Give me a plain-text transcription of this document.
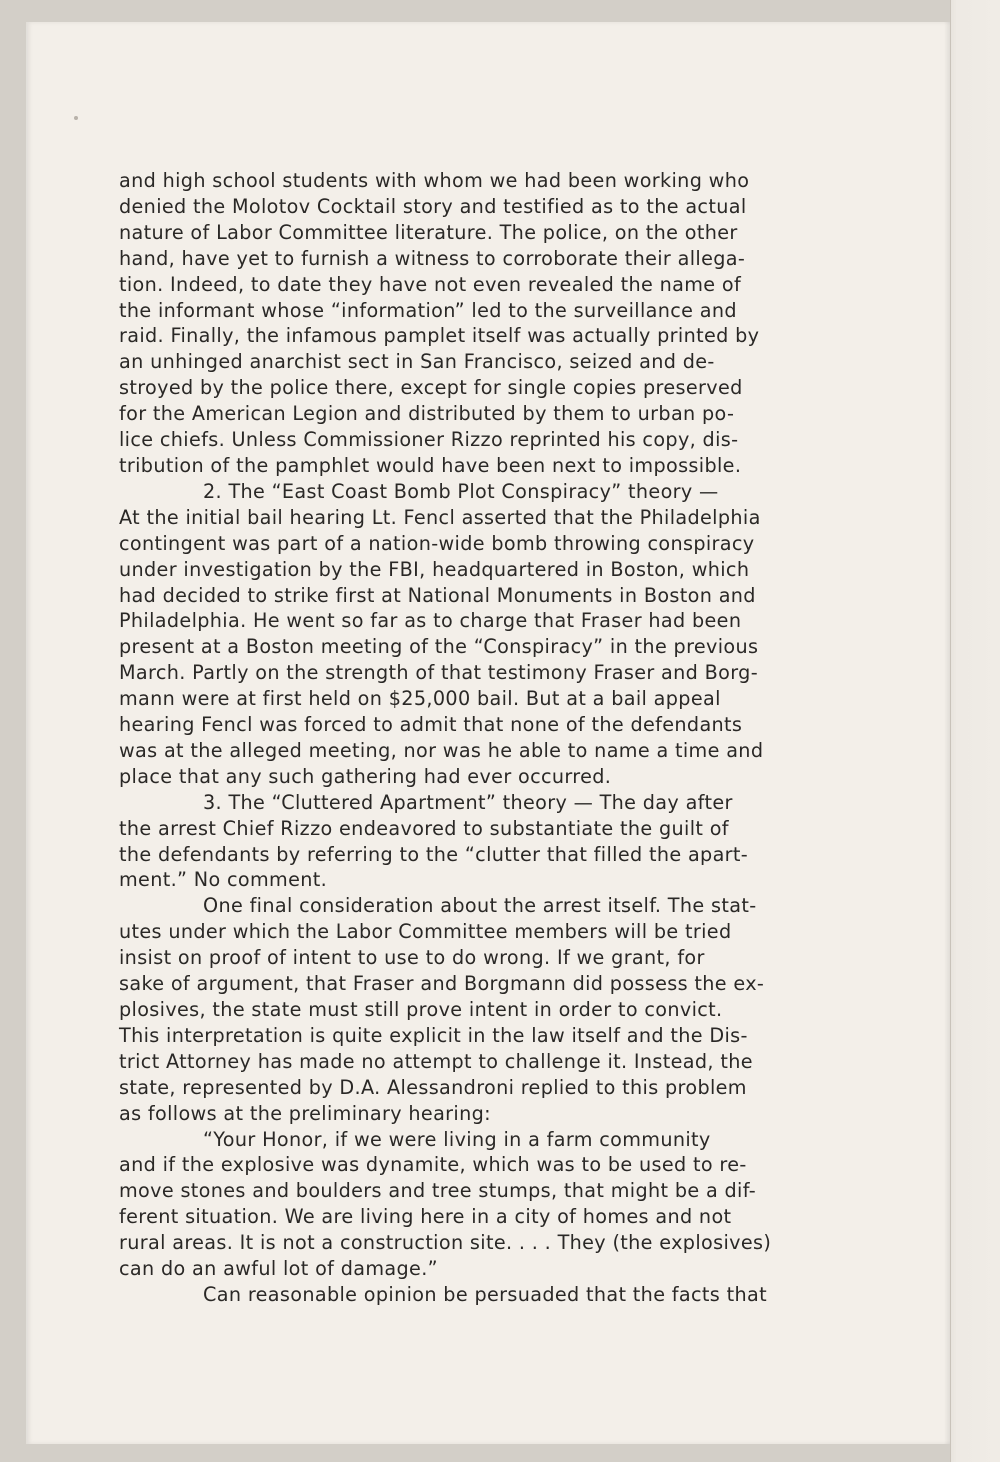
and high school students with whom we had been working who
denied the Molotov Cocktail story and testified as to the actual
nature of Labor Committee literature. The police, on the other
hand, have yet to furnish a witness to corroborate their allega-
tion. Indeed, to date they have not even revealed the name of
the informant whose “information” led to the surveillance and
raid. Finally, the infamous pamplet itself was actually printed by
an unhinged anarchist sect in San Francisco, seized and de-
stroyed by the police there, except for single copies preserved
for the American Legion and distributed by them to urban po-
lice chiefs. Unless Commissioner Rizzo reprinted his copy, dis-
tribution of the pamphlet would have been next to impossible.
2. The “East Coast Bomb Plot Conspiracy” theory —
At the initial bail hearing Lt. Fencl asserted that the Philadelphia
contingent was part of a nation-wide bomb throwing conspiracy
under investigation by the FBI, headquartered in Boston, which
had decided to strike first at National Monuments in Boston and
Philadelphia. He went so far as to charge that Fraser had been
present at a Boston meeting of the “Conspiracy” in the previous
March. Partly on the strength of that testimony Fraser and Borg-
mann were at first held on $25,000 bail. But at a bail appeal
hearing Fencl was forced to admit that none of the defendants
was at the alleged meeting, nor was he able to name a time and
place that any such gathering had ever occurred.
3. The “Cluttered Apartment” theory — The day after
the arrest Chief Rizzo endeavored to substantiate the guilt of
the defendants by referring to the “clutter that filled the apart-
ment.” No comment.
One final consideration about the arrest itself. The stat-
utes under which the Labor Committee members will be tried
insist on proof of intent to use to do wrong. If we grant, for
sake of argument, that Fraser and Borgmann did possess the ex-
plosives, the state must still prove intent in order to convict.
This interpretation is quite explicit in the law itself and the Dis-
trict Attorney has made no attempt to challenge it. Instead, the
state, represented by D.A. Alessandroni replied to this problem
as follows at the preliminary hearing:
“Your Honor, if we were living in a farm community
and if the explosive was dynamite, which was to be used to re-
move stones and boulders and tree stumps, that might be a dif-
ferent situation. We are living here in a city of homes and not
rural areas. It is not a construction site. . . . They (the explosives)
can do an awful lot of damage.”
Can reasonable opinion be persuaded that the facts that
